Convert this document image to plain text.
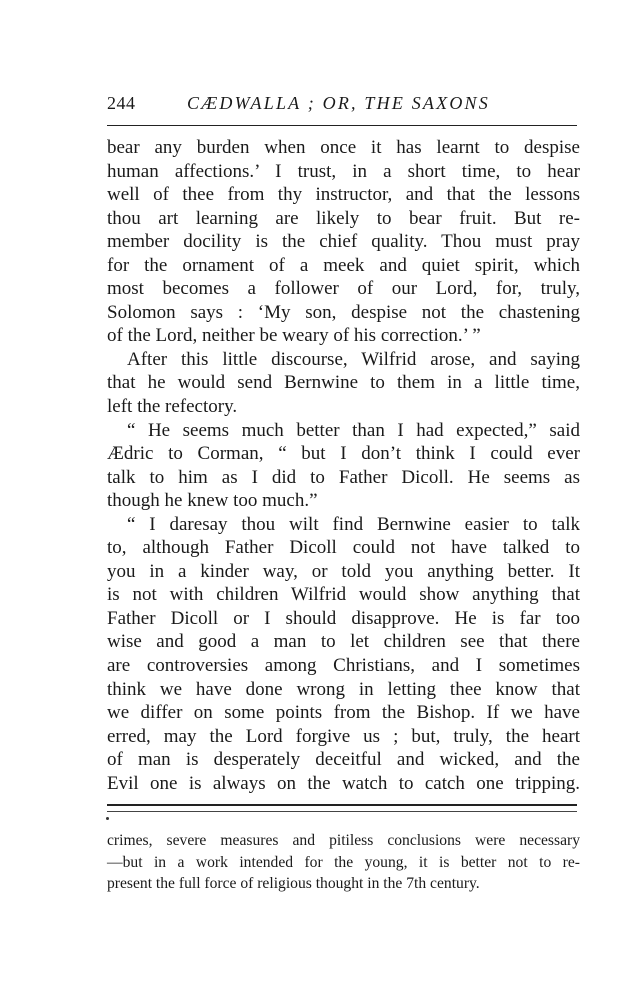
244	CÆDWALLA ; OR, THE SAXONS
bear any burden when once it has learnt to despise
human affections.’ I trust, in a short time, to hear
well of thee from thy instructor, and that the lessons
thou art learning are likely to bear fruit. But re-
member docility is the chief quality. Thou must pray
for the ornament of a meek and quiet spirit, which
most becomes a follower of our Lord, for, truly,
Solomon says : ‘My son, despise not the chastening
of the Lord, neither be weary of his correction.’ ”
After this little discourse, Wilfrid arose, and saying
that he would send Bernwine to them in a little time,
left the refectory.
“ He seems much better than I had expected,” said
Ædric to Corman, “ but I don’t think I could ever
talk to him as I did to Father Dicoll. He seems as
though he knew too much.”
“ I daresay thou wilt find Bernwine easier to talk
to, although Father Dicoll could not have talked to
you in a kinder way, or told you anything better. It
is not with children Wilfrid would show anything that
Father Dicoll or I should disapprove. He is far too
wise and good a man to let children see that there
are controversies among Christians, and I sometimes
think we have done wrong in letting thee know that
we differ on some points from the Bishop. If we have
erred, may the Lord forgive us ; but, truly, the heart
of man is desperately deceitful and wicked, and the
Evil one is always on the watch to catch one tripping.
crimes, severe measures and pitiless conclusions were necessary
—but in a work intended for the young, it is better not to re-
present the full force of religious thought in the 7th century.
